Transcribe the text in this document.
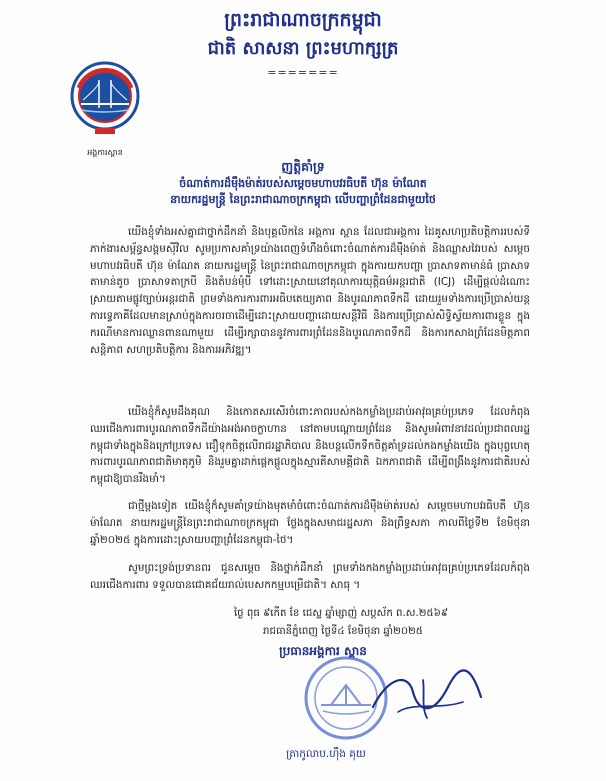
ព្រះរាជាណាចក្រកម្ពុជា
ជាតិ សាសនា ព្រះមហាក្សត្រ
=======
អង្គការស្ពាន
ញត្តិគាំទ្រ
ចំណាត់ការដ៏ម៉ឺងម៉ាត់របស់សម្តេចមហាបវរធិបតី ហ៊ុន ម៉ាណែត
នាយករដ្ឋមន្ត្រី នៃព្រះរាជាណាចក្រកម្ពុជា លើបញ្ហាព្រំដែនជាមួយថៃ
យើងខ្ញុំទាំងអស់គ្នាជាថ្នាក់ដឹកនាំ និងបុគ្គលិកនៃ អង្គការ ស្ពាន ដែលជាអង្គការ ដៃគូសហប្រតិបត្តិការរបស់ទីភាក់ងារសម្ព័ន្ធសង្គមស៊ីវិល សូមប្រកាសគាំទ្រយ៉ាងពេញទំហឹងចំពោះចំណាត់ការដ៏ម៉ឺងម៉ាត់ និងឈ្លាសវៃរបស់ សម្តេចមហាបវរធិបតី ហ៊ុន ម៉ាណែត នាយករដ្ឋមន្ត្រី នៃព្រះរាជាណាចក្រកម្ពុជា ក្នុងការយកបញ្ហា ប្រាសាទតាមាន់ធំ ប្រាសាទតាមាន់តូច ប្រាសាទតាក្របី និងតំបន់មុំបី ទៅដោះស្រាយនៅតុលាការយុត្តិធម៌អន្តរជាតិ (ICJ) ដើម្បីផ្តល់ដំណោះស្រាយតាមផ្លូវច្បាប់អន្តរជាតិ ព្រមទាំងការការពារអធិបតេយ្យភាព និងបូរណភាពទឹកដី ដោយរួមទាំងការប្រើប្រាស់យន្តការទ្វេភាគីដែលមានស្រាប់ក្នុងការចរចាដើម្បីដោះស្រាយបញ្ហាដោយសន្តិវិធី និងការប្រើប្រាស់សិទ្ធិស្វ័យការពារខ្លួន ក្នុងករណីមានការឈ្លានពានណាមួយ ដើម្បីរក្សាបាននូវការពារព្រំដែននិងបូរណភាពទឹកដី និងការកសាងព្រំដែនមិត្តភាព សន្តិភាព សហប្រតិបត្តិការ និងការអភិវឌ្ឍ។
យើងខ្ញុំក៏សូមដឹងគុណ និងកោតសរសើរចំពោះភាពរបស់កងកម្លាំងប្រដាប់អាវុធគ្រប់ប្រភេទ ដែលកំពុងឈរជើងការពារបូរណភាពទឹកដីយ៉ាងអង់អាចក្លាហាន នៅតាមបណ្តោយព្រំដែន និងសូមអំពាវនាវដល់ប្រជាពលរដ្ឋកម្ពុជាទាំងក្នុងនិងក្រៅប្រទេស ជឿទុកចិត្តលើរាជរដ្ឋាភិបាល និងបន្តលើកទឹកចិត្តគាំទ្រដល់កងកម្លាំងយើង ក្នុងបុព្វហេតុការពារបូរណភាពជាតិមាតុភូមិ និងរួមគ្នាដាក់ផ្តេកផ្តួលក្នុងស្មារតីសាមគ្គីជាតិ ឯកភាពជាតិ ដើម្បីពង្រឹងនូវការជាតិរបស់កម្ពុជាឱ្យបានរឹងមាំ។
ជាថ្មីម្តងទៀត យើងខ្ញុំក៏សូមគាំទ្រយ៉ាងមុតមាំចំពោះចំណាត់ការដ៏ម៉ឺងម៉ាត់របស់ សម្តេចមហាបវរធិបតី ហ៊ុន ម៉ាណែត នាយករដ្ឋមន្ត្រីនៃព្រះរាជាណាចក្រកម្ពុជា ថ្លែងក្នុងសមាជរដ្ឋសភា និងព្រឹទ្ធសភា កាលពីថ្ងៃទី២ ខែមិថុនា ឆ្នាំ២០២៥ ក្នុងការដោះស្រាយបញ្ហាព្រំដែនកម្ពុជា-ថៃ។
សូមព្រះទ្រង់ប្រទានពរ ជូនសម្តេច និងថ្នាក់ដឹកនាំ ព្រមទាំងកងកម្លាំងប្រដាប់អាវុធគ្រប់ប្រភេទដែលកំពុងឈរជើងការពារ ទទួលបានជោគជ័យរាល់បេសកកម្មបម្រើជាតិ។ សាធុ ។
ថ្ងៃ ពុធ ៩កើត ខែ ជេស្ឋ ឆ្នាំម្សាញ់ សប្តស័ក ព.ស.២៥៦៩
រាជធានីភ្នំពេញ ថ្ងៃទី៤ ខែមិថុនា ឆ្នាំ២០២៥
ប្រធានអង្គការ ស្ពាន
ត្រាកូលាប.ហ៊ឹង គុយ
